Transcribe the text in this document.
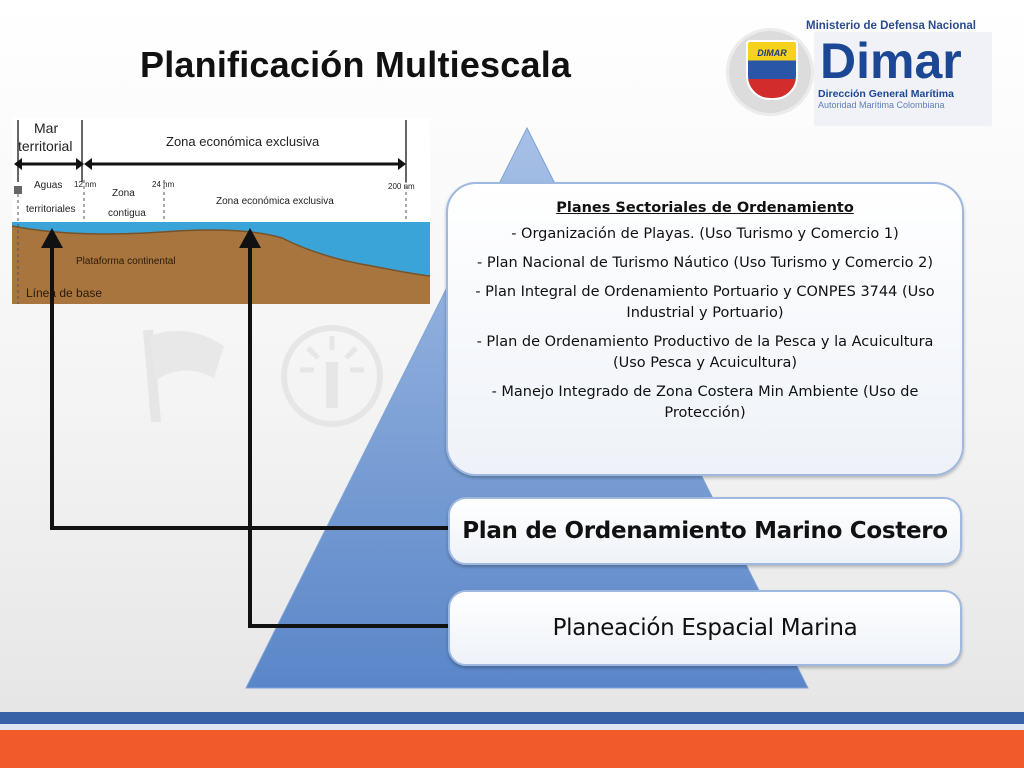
Planificación Multiescala	DIMAR
Ministerio de Defensa Nacional
Dimar
Dirección General Marítima
Autoridad Marítima Colombiana
Mar
territorial	Zona económica exclusiva
Aguas
territoriales
Zona
contigua
Zona económica exclusiva
12 nm	24 nm	200 nm
Plataforma continental
Línea de base
Planes Sectoriales de Ordenamiento
- Organización de Playas. (Uso Turismo y Comercio 1)
- Plan Nacional de Turismo Náutico (Uso Turismo y Comercio 2)
- Plan Integral de Ordenamiento Portuario y CONPES 3744 (Uso Industrial y Portuario)
- Plan de Ordenamiento Productivo de la Pesca y la Acuicultura (Uso Pesca y Acuicultura)
- Manejo Integrado de Zona Costera Min Ambiente (Uso de Protección)
Plan de Ordenamiento Marino Costero
Planeación Espacial Marina
